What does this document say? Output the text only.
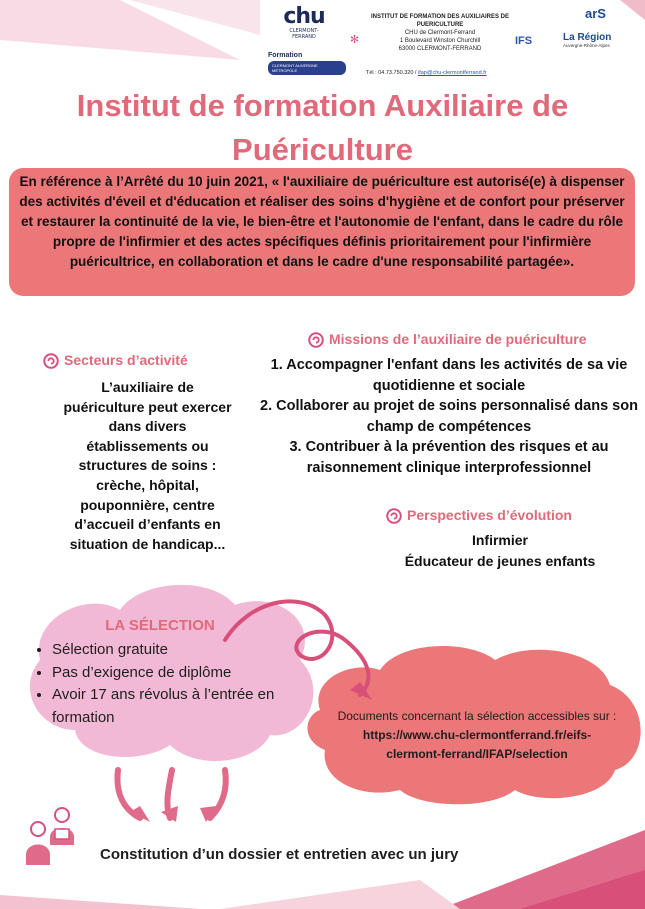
chu
CLERMONT-FERRAND
Formation
CLERMONT AUVERGNE MÉTROPOLE
✻
INSTITUT DE FORMATION DES AUXILIAIRES DE
PUERICULTURE
CHU de Clermont-Ferrand
1 Boulevard Winston Churchill
63000 CLERMONT-FERRAND
Tél : 04.73.750.320 / ifap@chu-clermontferrand.fr
IFS
arS
La Région
Auvergne-Rhône-Alpes
Institut de formation Auxiliaire de
Puériculture
En référence à l’Arrêté du 10 juin 2021, « l'auxiliaire de puériculture est autorisé(e) à dispenser des activités d'éveil et d'éducation et réaliser des soins d'hygiène et de confort pour préserver et restaurer la continuité de la vie, le bien-être et l'autonomie de l'enfant, dans le cadre du rôle propre de l'infirmier et des actes spécifiques définis prioritairement pour l'infirmière puéricultrice, en collaboration et dans le cadre d'une responsabilité partagée».
Missions de l’auxiliaire de puériculture

1. Accompagner l'enfant dans les activités de sa vie quotidienne et sociale

2. Collaborer au projet de soins personnalisé dans son champ de compétences

3. Contribuer à la prévention des risques et au raisonnement clinique interprofessionnel

Secteurs d’activité
L’auxiliaire de puériculture peut exercer dans divers établissements ou structures de soins : crèche, hôpital, pouponnière, centre d’accueil d’enfants en situation de handicap...
Perspectives d’évolution

Infirmier

Éducateur de jeunes enfants

LA SÉLECTION
• Sélection gratuite
• Pas d’exigence de diplôme
• Avoir 17 ans révolus à l’entrée en formation	Documents concernant la sélection accessibles sur :
https://www.chu-clermontferrand.fr/eifs-clermont-ferrand/IFAP/selection
Constitution d’un dossier et entretien avec un jury
